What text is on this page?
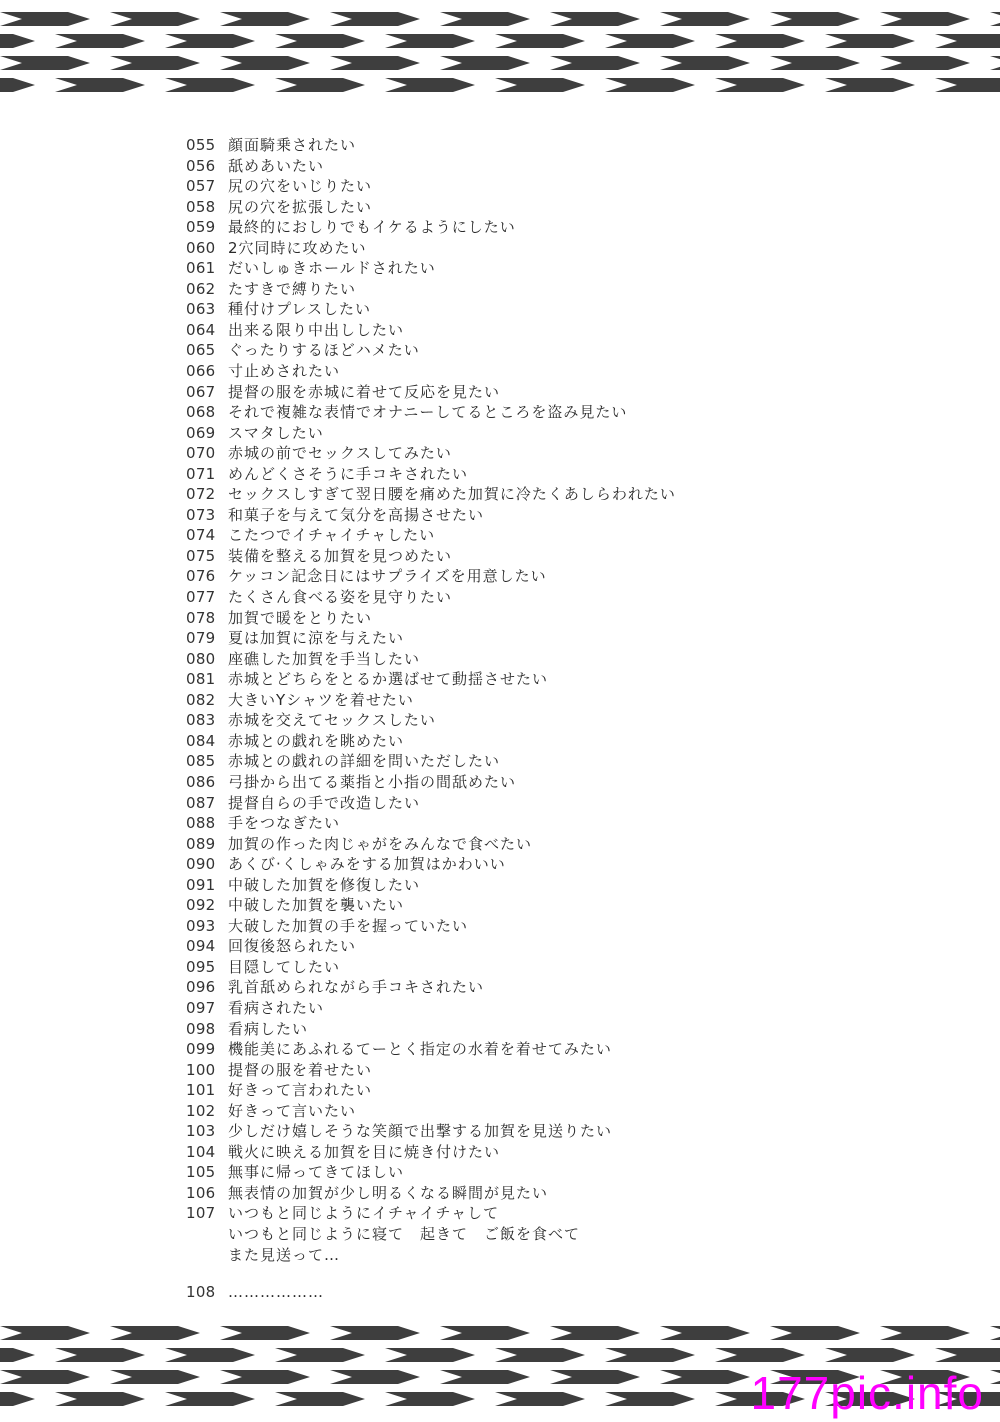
055 顔面騎乗されたい
056 舐めあいたい
057 尻の穴をいじりたい
058 尻の穴を拡張したい
059 最終的におしりでもイケるようにしたい
060 2穴同時に攻めたい
061 だいしゅきホールドされたい
062 たすきで縛りたい
063 種付けプレスしたい
064 出来る限り中出ししたい
065 ぐったりするほどハメたい
066 寸止めされたい
067 提督の服を赤城に着せて反応を見たい
068 それで複雑な表情でオナニーしてるところを盗み見たい
069 スマタしたい
070 赤城の前でセックスしてみたい
071 めんどくさそうに手コキされたい
072 セックスしすぎて翌日腰を痛めた加賀に冷たくあしらわれたい
073 和菓子を与えて気分を高揚させたい
074 こたつでイチャイチャしたい
075 装備を整える加賀を見つめたい
076 ケッコン記念日にはサプライズを用意したい
077 たくさん食べる姿を見守りたい
078 加賀で暖をとりたい
079 夏は加賀に涼を与えたい
080 座礁した加賀を手当したい
081 赤城とどちらをとるか選ばせて動揺させたい
082 大きいYシャツを着せたい
083 赤城を交えてセックスしたい
084 赤城との戯れを眺めたい
085 赤城との戯れの詳細を問いただしたい
086 弓掛から出てる薬指と小指の間舐めたい
087 提督自らの手で改造したい
088 手をつなぎたい
089 加賀の作った肉じゃがをみんなで食べたい
090 あくび·くしゃみをする加賀はかわいい
091 中破した加賀を修復したい
092 中破した加賀を襲いたい
093 大破した加賀の手を握っていたい
094 回復後怒られたい
095 目隠してしたい
096 乳首舐められながら手コキされたい
097 看病されたい
098 看病したい
099 機能美にあふれるてーとく指定の水着を着せてみたい
100 提督の服を着せたい
101 好きって言われたい
102 好きって言いたい
103 少しだけ嬉しそうな笑顔で出撃する加賀を見送りたい
104 戦火に映える加賀を目に焼き付けたい
105 無事に帰ってきてほしい
106 無表情の加賀が少し明るくなる瞬間が見たい
107 いつもと同じようにイチャイチャして
いつもと同じように寝て　起きて　ご飯を食べて
また見送って…
108 ………………
177pic.info
